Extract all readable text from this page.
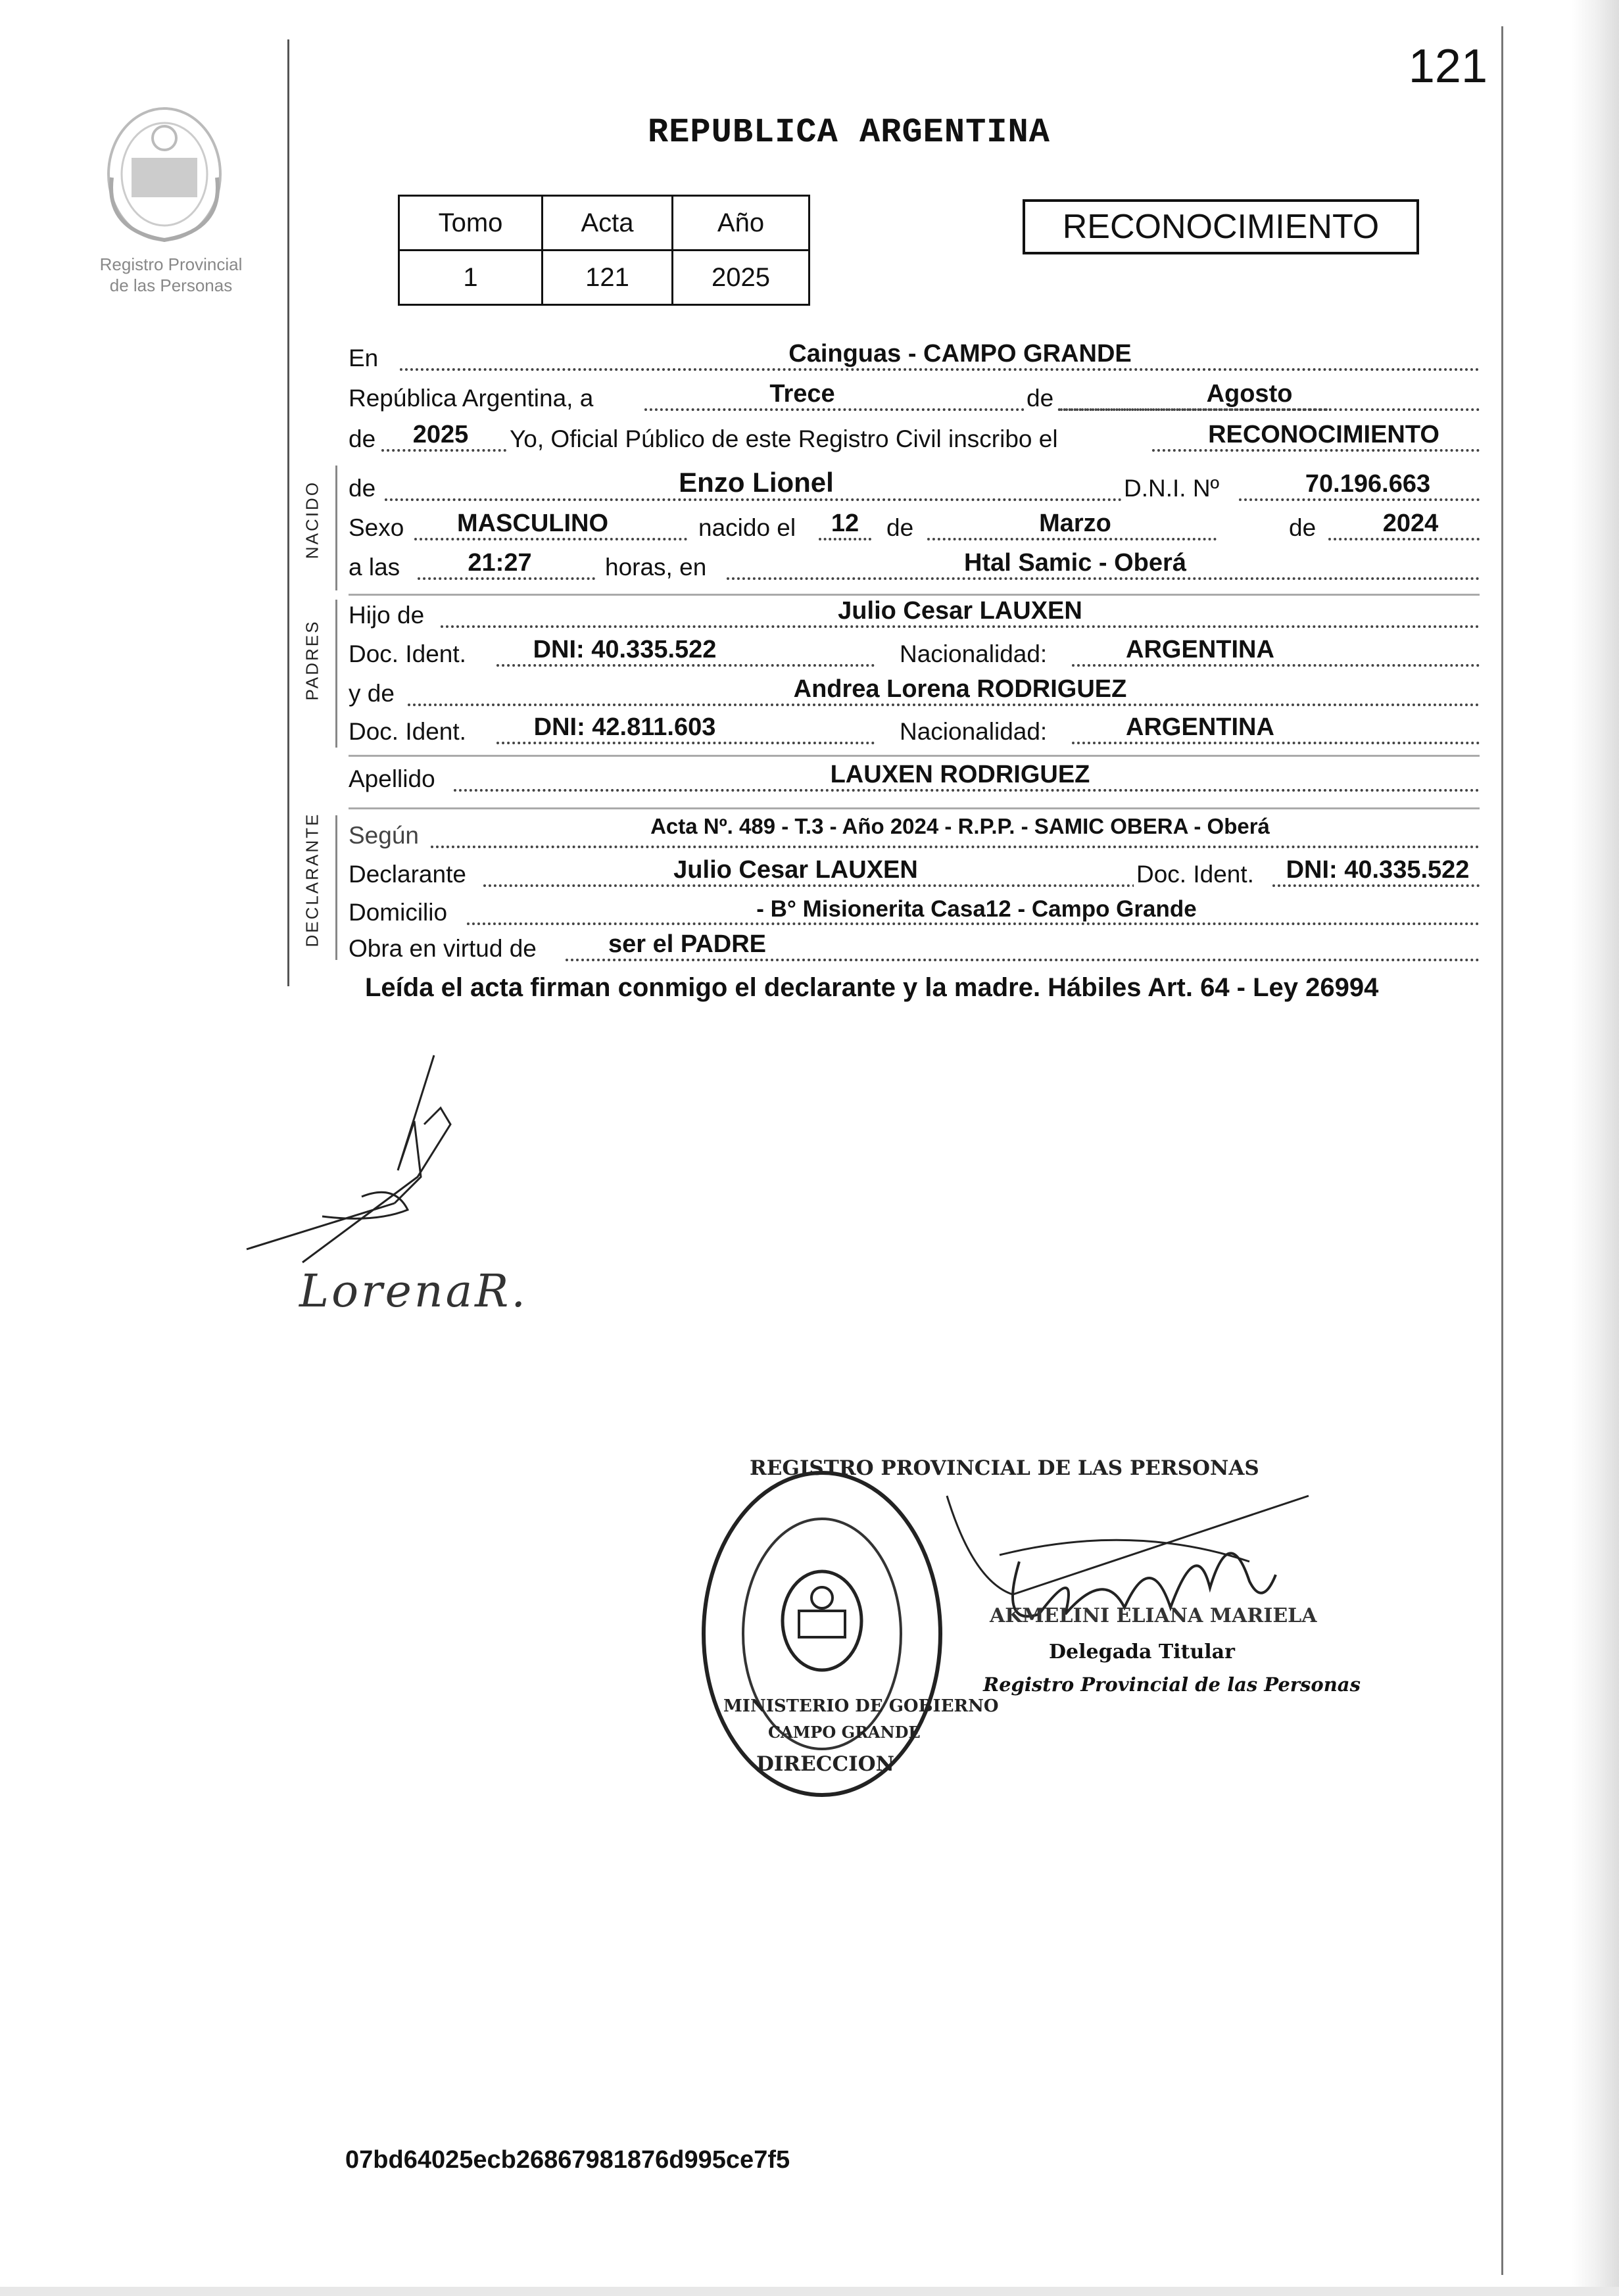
121
Registro Provincial
de las Personas
REPUBLICA ARGENTINA
Tomo	Acta	Año
1	121	2025
RECONOCIMIENTO
En	Cainguas - CAMPO GRANDE
República Argentina, a	Trece	de	Agosto
de	2025	Yo, Oficial Público de este Registro Civil inscribo el	RECONOCIMIENTO
NACIDO de	Enzo Lionel	D.N.I. Nº	70.196.663
Sexo	MASCULINO	nacido el	12	de	Marzo	de	2024
a las	21:27	horas, en	Htal Samic - Oberá
PADRES
Hijo de	Julio Cesar LAUXEN
Doc. Ident.	DNI: 40.335.522	Nacionalidad:	ARGENTINA
y de	Andrea Lorena RODRIGUEZ
Doc. Ident.	DNI: 42.811.603	Nacionalidad:	ARGENTINA
Apellido	LAUXEN RODRIGUEZ
DECLARANTE Según	Acta Nº. 489 - T.3 - Año 2024 - R.P.P. - SAMIC OBERA - Oberá
Declarante	Julio Cesar LAUXEN	Doc. Ident.	DNI: 40.335.522
Domicilio	- B° Misionerita Casa12 - Campo Grande
Obra en virtud de	ser el PADRE
Leída el acta firman conmigo el declarante y la madre. Hábiles Art. 64 - Ley 26994
LorenaR.
REGISTRO PROVINCIAL DE LAS PERSONAS
MINISTERIO DE GOBIERNO
DIRECCION
CAMPO GRANDE
AKMELINI ELIANA MARIELA
Delegada Titular
Registro Provincial de las Personas
07bd64025ecb26867981876d995ce7f5
